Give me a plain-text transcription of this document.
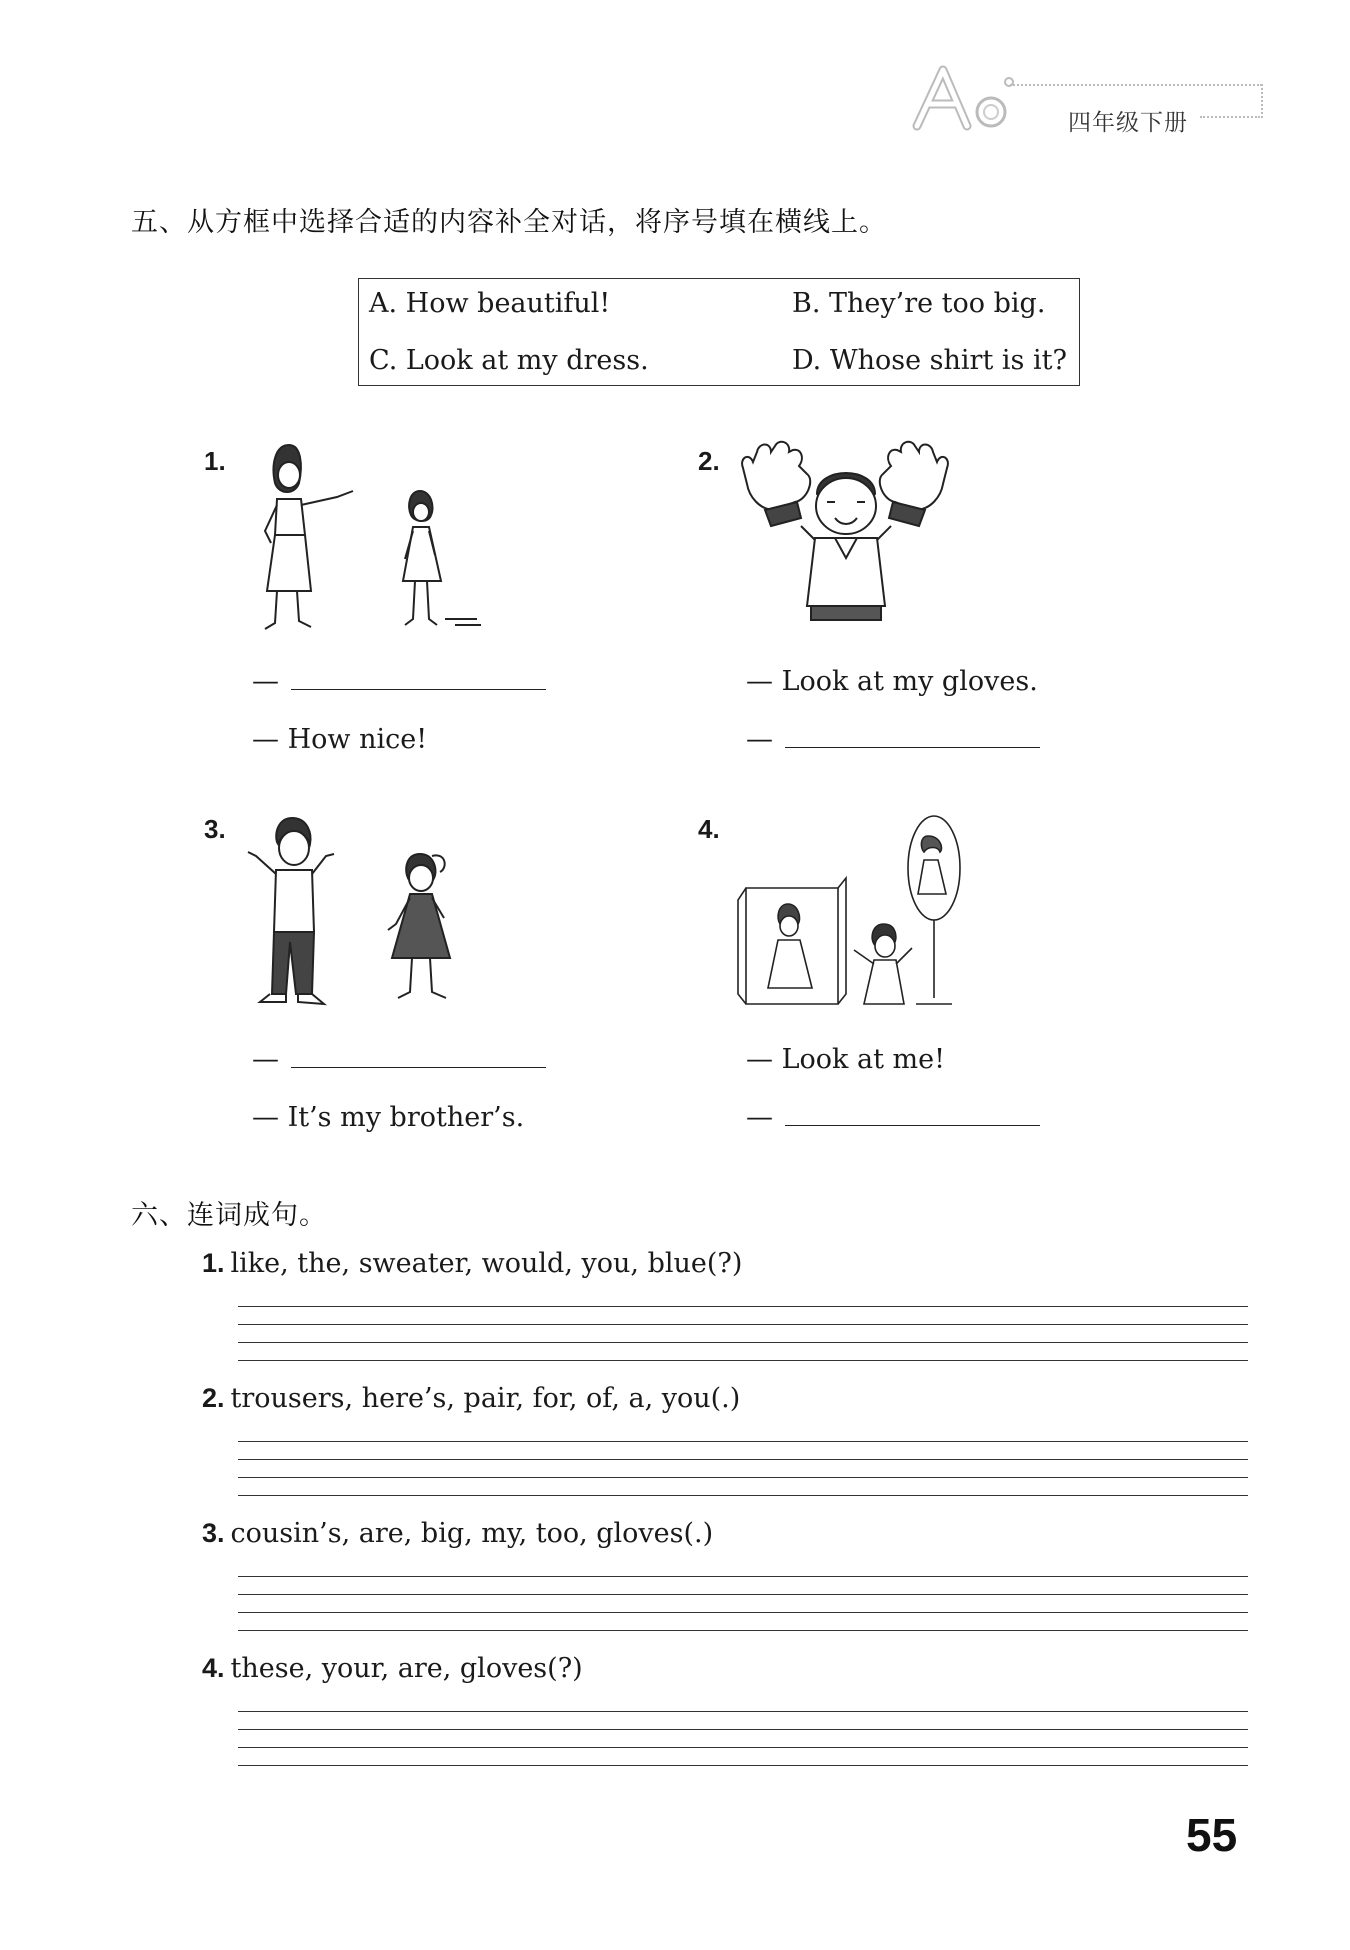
四年级下册
五、从方框中选择合适的内容补全对话，将序号填在横线上。
A. How beautiful!	B. They’re too big.
C. Look at my dress.	D. Whose shirt is it?
1.
—
— How nice!
2.
— Look at my gloves.
—
3.
—
— It’s my brother’s.
4.
— Look at me!
—
六、连词成句。
1. like, the, sweater, would, you, blue(?)
2. trousers, here’s, pair, for, of, a, you(.)
3. cousin’s, are, big, my, too, gloves(.)
4. these, your, are, gloves(?)
55
